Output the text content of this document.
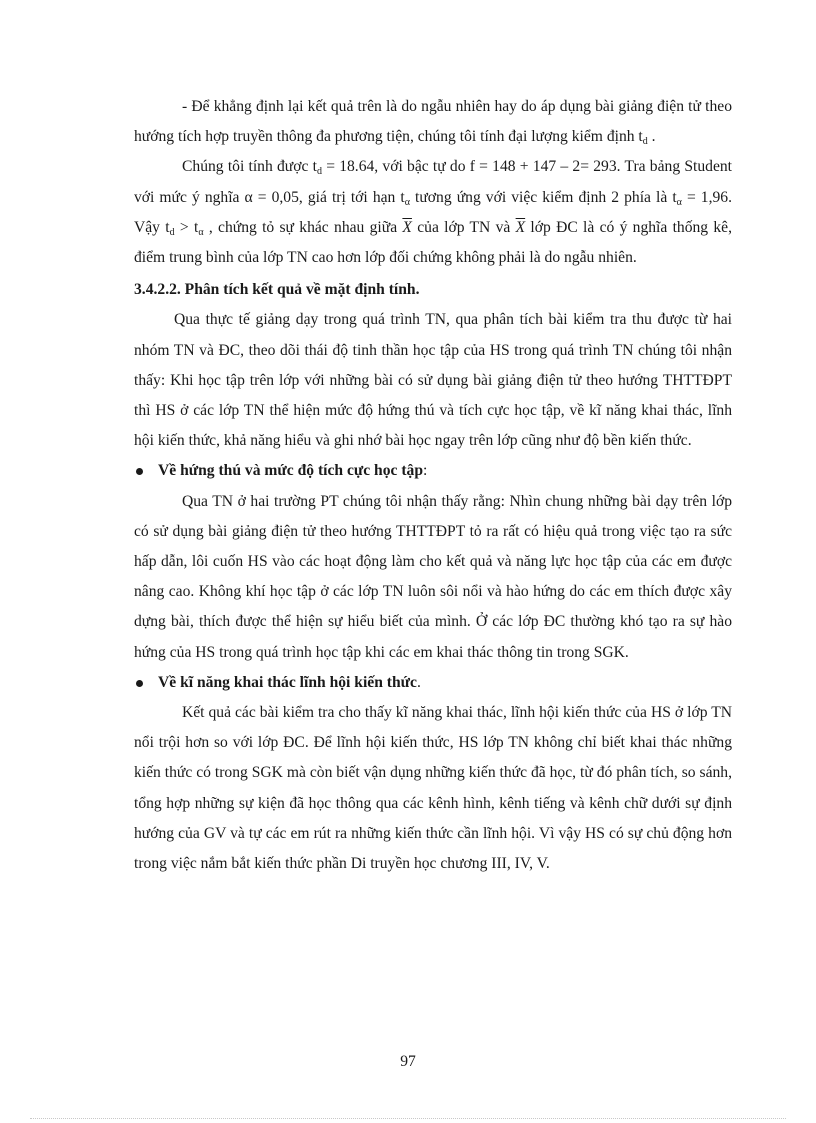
- Để khẳng định lại kết quả trên là do ngẫu nhiên hay do áp dụng bài giảng điện tử theo hướng tích hợp truyền thông đa phương tiện, chúng tôi tính đại lượng kiểm định $t_d$ .

Chúng tôi tính được $t_d = 18.64$, với bậc tự do f = 148 + 147 – 2= 293. Tra bảng Student với mức ý nghĩa α = 0,05, giá trị tới hạn $t_\alpha$ tương ứng với việc kiểm định 2 phía là $t_\alpha = 1,96$. Vậy $t_d > t_\alpha$ , chứng tỏ sự khác nhau giữa $\overline{X}$ của lớp TN và $\overline{X}$ lớp ĐC là có ý nghĩa thống kê, điểm trung bình của lớp TN cao hơn lớp đối chứng không phải là do ngẫu nhiên.

3.4.2.2. Phân tích kết quả về mặt định tính.

Qua thực tế giảng dạy trong quá trình TN, qua phân tích bài kiểm tra thu được từ hai nhóm TN và ĐC, theo dõi thái độ tinh thần học tập của HS trong quá trình TN chúng tôi nhận thấy: Khi học tập trên lớp với những bài có sử dụng bài giảng điện tử theo hướng THTTĐPT thì HS ở các lớp TN thể hiện mức độ hứng thú và tích cực học tập, về kĩ năng khai thác, lĩnh hội kiến thức, khả năng hiểu và ghi nhớ bài học ngay trên lớp cũng như độ bền kiến thức.

Về hứng thú và mức độ tích cực học tập:

Qua TN ở hai trường PT chúng tôi nhận thấy rằng: Nhìn chung những bài dạy trên lớp có sử dụng bài giảng điện tử theo hướng THTTĐPT tỏ ra rất có hiệu quả trong việc tạo ra sức hấp dẫn, lôi cuốn HS vào các hoạt động làm cho kết quả và năng lực học tập của các em được nâng cao. Không khí học tập ở các lớp TN luôn sôi nổi và hào hứng do các em thích được xây dựng bài, thích được thể hiện sự hiểu biết của mình. Ở các lớp ĐC thường khó tạo ra sự hào hứng của HS trong quá trình học tập khi các em khai thác thông tin trong SGK.

Về kĩ năng khai thác lĩnh hội kiến thức.

Kết quả các bài kiểm tra cho thấy kĩ năng khai thác, lĩnh hội kiến thức của HS ở lớp TN nổi trội hơn so với lớp ĐC. Để lĩnh hội kiến thức, HS lớp TN không chỉ biết khai thác những kiến thức có trong SGK mà còn biết vận dụng những kiến thức đã học, từ đó phân tích, so sánh, tổng hợp những sự kiện đã học thông qua các kênh hình, kênh tiếng và kênh chữ dưới sự định hướng của GV và tự các em rút ra những kiến thức cần lĩnh hội. Vì vậy HS có sự chủ động hơn trong việc nắm bắt kiến thức phần Di truyền học chương III, IV, V.

97
